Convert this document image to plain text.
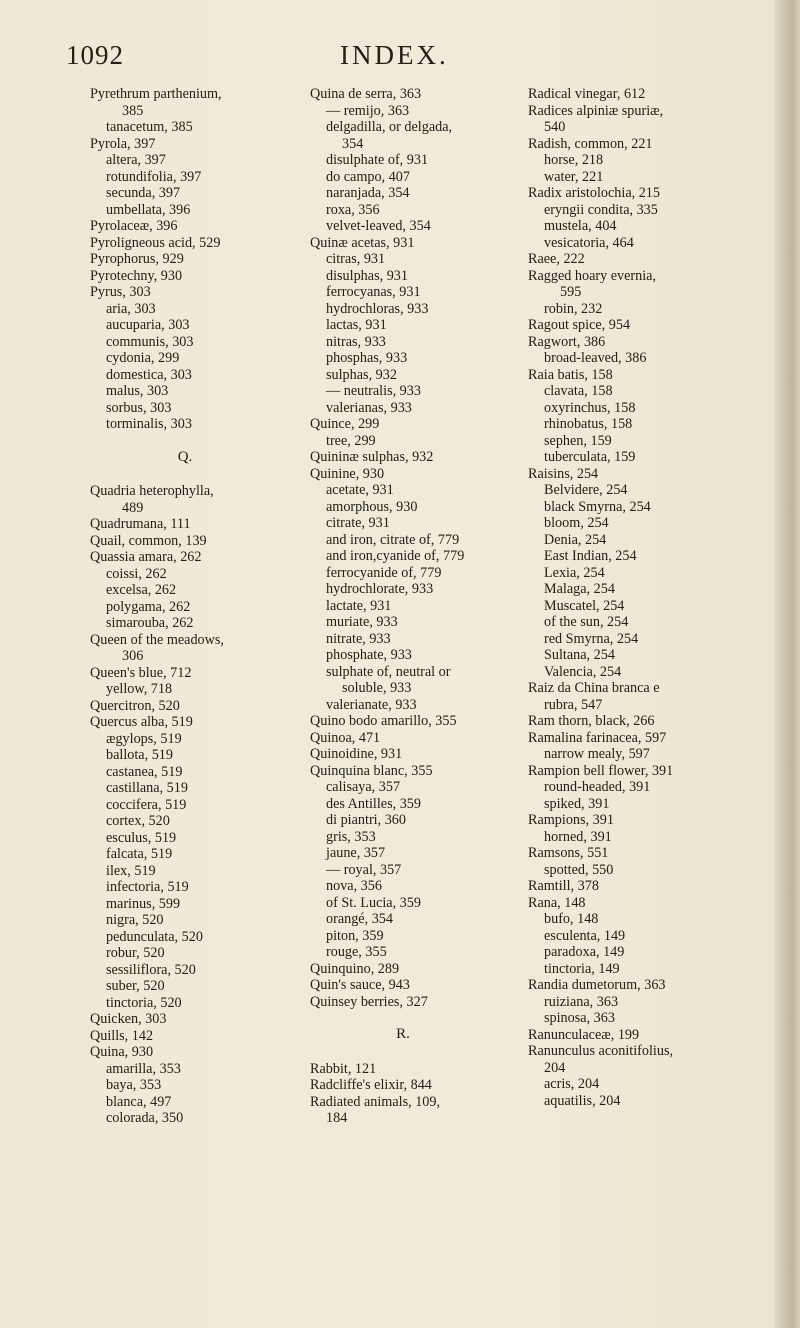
1092	INDEX.
Pyrethrum parthenium,
385
tanacetum, 385
Pyrola, 397
altera, 397
rotundifolia, 397
secunda, 397
umbellata, 396
Pyrolaceæ, 396
Pyroligneous acid, 529
Pyrophorus, 929
Pyrotechny, 930
Pyrus, 303
aria, 303
aucuparia, 303
communis, 303
cydonia, 299
domestica, 303
malus, 303
sorbus, 303
torminalis, 303
Q.
Quadria heterophylla,
489
Quadrumana, 111
Quail, common, 139
Quassia amara, 262
coissi, 262
excelsa, 262
polygama, 262
simarouba, 262
Queen of the meadows,
306
Queen's blue, 712
yellow, 718
Quercitron, 520
Quercus alba, 519
ægylops, 519
ballota, 519
castanea, 519
castillana, 519
coccifera, 519
cortex, 520
esculus, 519
falcata, 519
ilex, 519
infectoria, 519
marinus, 599
nigra, 520
pedunculata, 520
robur, 520
sessiliflora, 520
suber, 520
tinctoria, 520
Quicken, 303
Quills, 142
Quina, 930
amarilla, 353
baya, 353
blanca, 497
colorada, 350
Quina de serra, 363
— remijo, 363
delgadilla, or delgada,
354
disulphate of, 931
do campo, 407
naranjada, 354
roxa, 356
velvet-leaved, 354
Quinæ acetas, 931
citras, 931
disulphas, 931
ferrocyanas, 931
hydrochloras, 933
lactas, 931
nitras, 933
phosphas, 933
sulphas, 932
— neutralis, 933
valerianas, 933
Quince, 299
tree, 299
Quininæ sulphas, 932
Quinine, 930
acetate, 931
amorphous, 930
citrate, 931
and iron, citrate of, 779
and iron,cyanide of, 779
ferrocyanide of, 779
hydrochlorate, 933
lactate, 931
muriate, 933
nitrate, 933
phosphate, 933
sulphate of, neutral or
soluble, 933
valerianate, 933
Quino bodo amarillo, 355
Quinoa, 471
Quinoidine, 931
Quinquina blanc, 355
calisaya, 357
des Antilles, 359
di piantri, 360
gris, 353
jaune, 357
— royal, 357
nova, 356
of St. Lucia, 359
orangé, 354
piton, 359
rouge, 355
Quinquino, 289
Quin's sauce, 943
Quinsey berries, 327
R.
Rabbit, 121
Radcliffe's elixir, 844
Radiated animals, 109,
184
Radical vinegar, 612
Radices alpiniæ spuriæ,
540
Radish, common, 221
horse, 218
water, 221
Radix aristolochia, 215
eryngii condita, 335
mustela, 404
vesicatoria, 464
Raee, 222
Ragged hoary evernia,
595
robin, 232
Ragout spice, 954
Ragwort, 386
broad-leaved, 386
Raia batis, 158
clavata, 158
oxyrinchus, 158
rhinobatus, 158
sephen, 159
tuberculata, 159
Raisins, 254
Belvidere, 254
black Smyrna, 254
bloom, 254
Denia, 254
East Indian, 254
Lexia, 254
Malaga, 254
Muscatel, 254
of the sun, 254
red Smyrna, 254
Sultana, 254
Valencia, 254
Raiz da China branca e
rubra, 547
Ram thorn, black, 266
Ramalina farinacea, 597
narrow mealy, 597
Rampion bell flower, 391
round-headed, 391
spiked, 391
Rampions, 391
horned, 391
Ramsons, 551
spotted, 550
Ramtill, 378
Rana, 148
bufo, 148
esculenta, 149
paradoxa, 149
tinctoria, 149
Randia dumetorum, 363
ruiziana, 363
spinosa, 363
Ranunculaceæ, 199
Ranunculus aconitifolius,
204
acris, 204
aquatilis, 204
